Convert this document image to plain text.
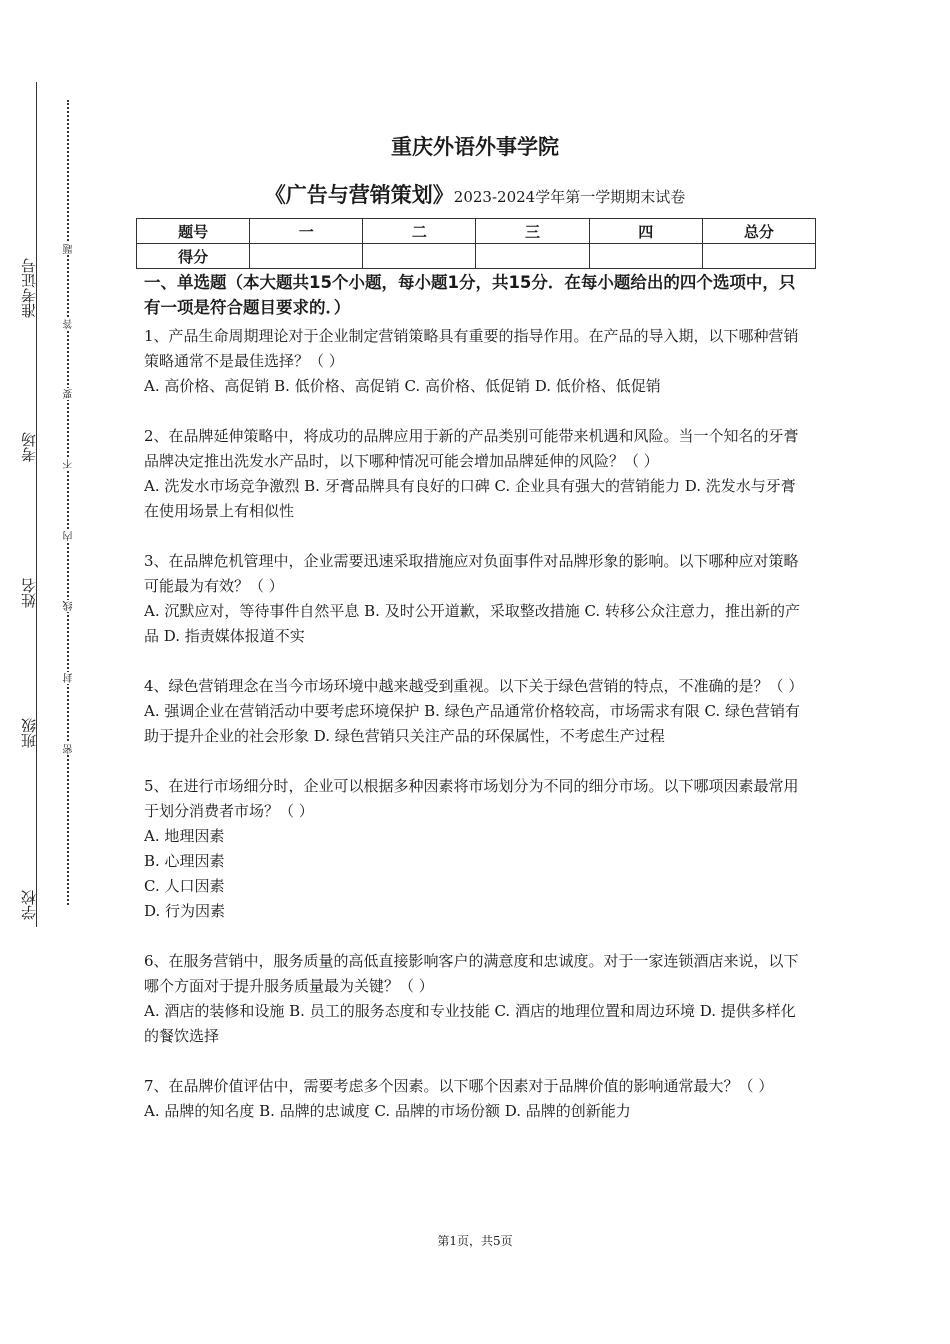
准考证号
考场
姓名
班级
学校
题
答
要
不
内
线
封
密
重庆外语外事学院
《广告与营销策划》2023-2024学年第一学期期末试卷
题号	一	二	三	四	总分
得分					
一、单选题（本大题共15个小题，每小题1分，共15分．在每小题给出的四个选项中，只有一项是符合题目要求的．）

1、产品生命周期理论对于企业制定营销策略具有重要的指导作用。在产品的导入期，以下哪种营销策略通常不是最佳选择？（ ）

A. 高价格、高促销 B. 低价格、高促销 C. 高价格、低促销 D. 低价格、低促销

2、在品牌延伸策略中，将成功的品牌应用于新的产品类别可能带来机遇和风险。当一个知名的牙膏品牌决定推出洗发水产品时，以下哪种情况可能会增加品牌延伸的风险？（ ）

A. 洗发水市场竞争激烈 B. 牙膏品牌具有良好的口碑 C. 企业具有强大的营销能力 D. 洗发水与牙膏在使用场景上有相似性

3、在品牌危机管理中，企业需要迅速采取措施应对负面事件对品牌形象的影响。以下哪种应对策略可能最为有效？（ ）

A. 沉默应对，等待事件自然平息 B. 及时公开道歉，采取整改措施 C. 转移公众注意力，推出新的产品 D. 指责媒体报道不实

4、绿色营销理念在当今市场环境中越来越受到重视。以下关于绿色营销的特点，不准确的是？（ ）

A. 强调企业在营销活动中要考虑环境保护 B. 绿色产品通常价格较高，市场需求有限 C. 绿色营销有助于提升企业的社会形象 D. 绿色营销只关注产品的环保属性，不考虑生产过程

5、在进行市场细分时，企业可以根据多种因素将市场划分为不同的细分市场。以下哪项因素最常用于划分消费者市场？（ ）

A. 地理因素

B. 心理因素

C. 人口因素

D. 行为因素

6、在服务营销中，服务质量的高低直接影响客户的满意度和忠诚度。对于一家连锁酒店来说，以下哪个方面对于提升服务质量最为关键？（ ）

A. 酒店的装修和设施 B. 员工的服务态度和专业技能 C. 酒店的地理位置和周边环境 D. 提供多样化的餐饮选择

7、在品牌价值评估中，需要考虑多个因素。以下哪个因素对于品牌价值的影响通常最大？（ ）

A. 品牌的知名度 B. 品牌的忠诚度 C. 品牌的市场份额 D. 品牌的创新能力

第1页，共5页
